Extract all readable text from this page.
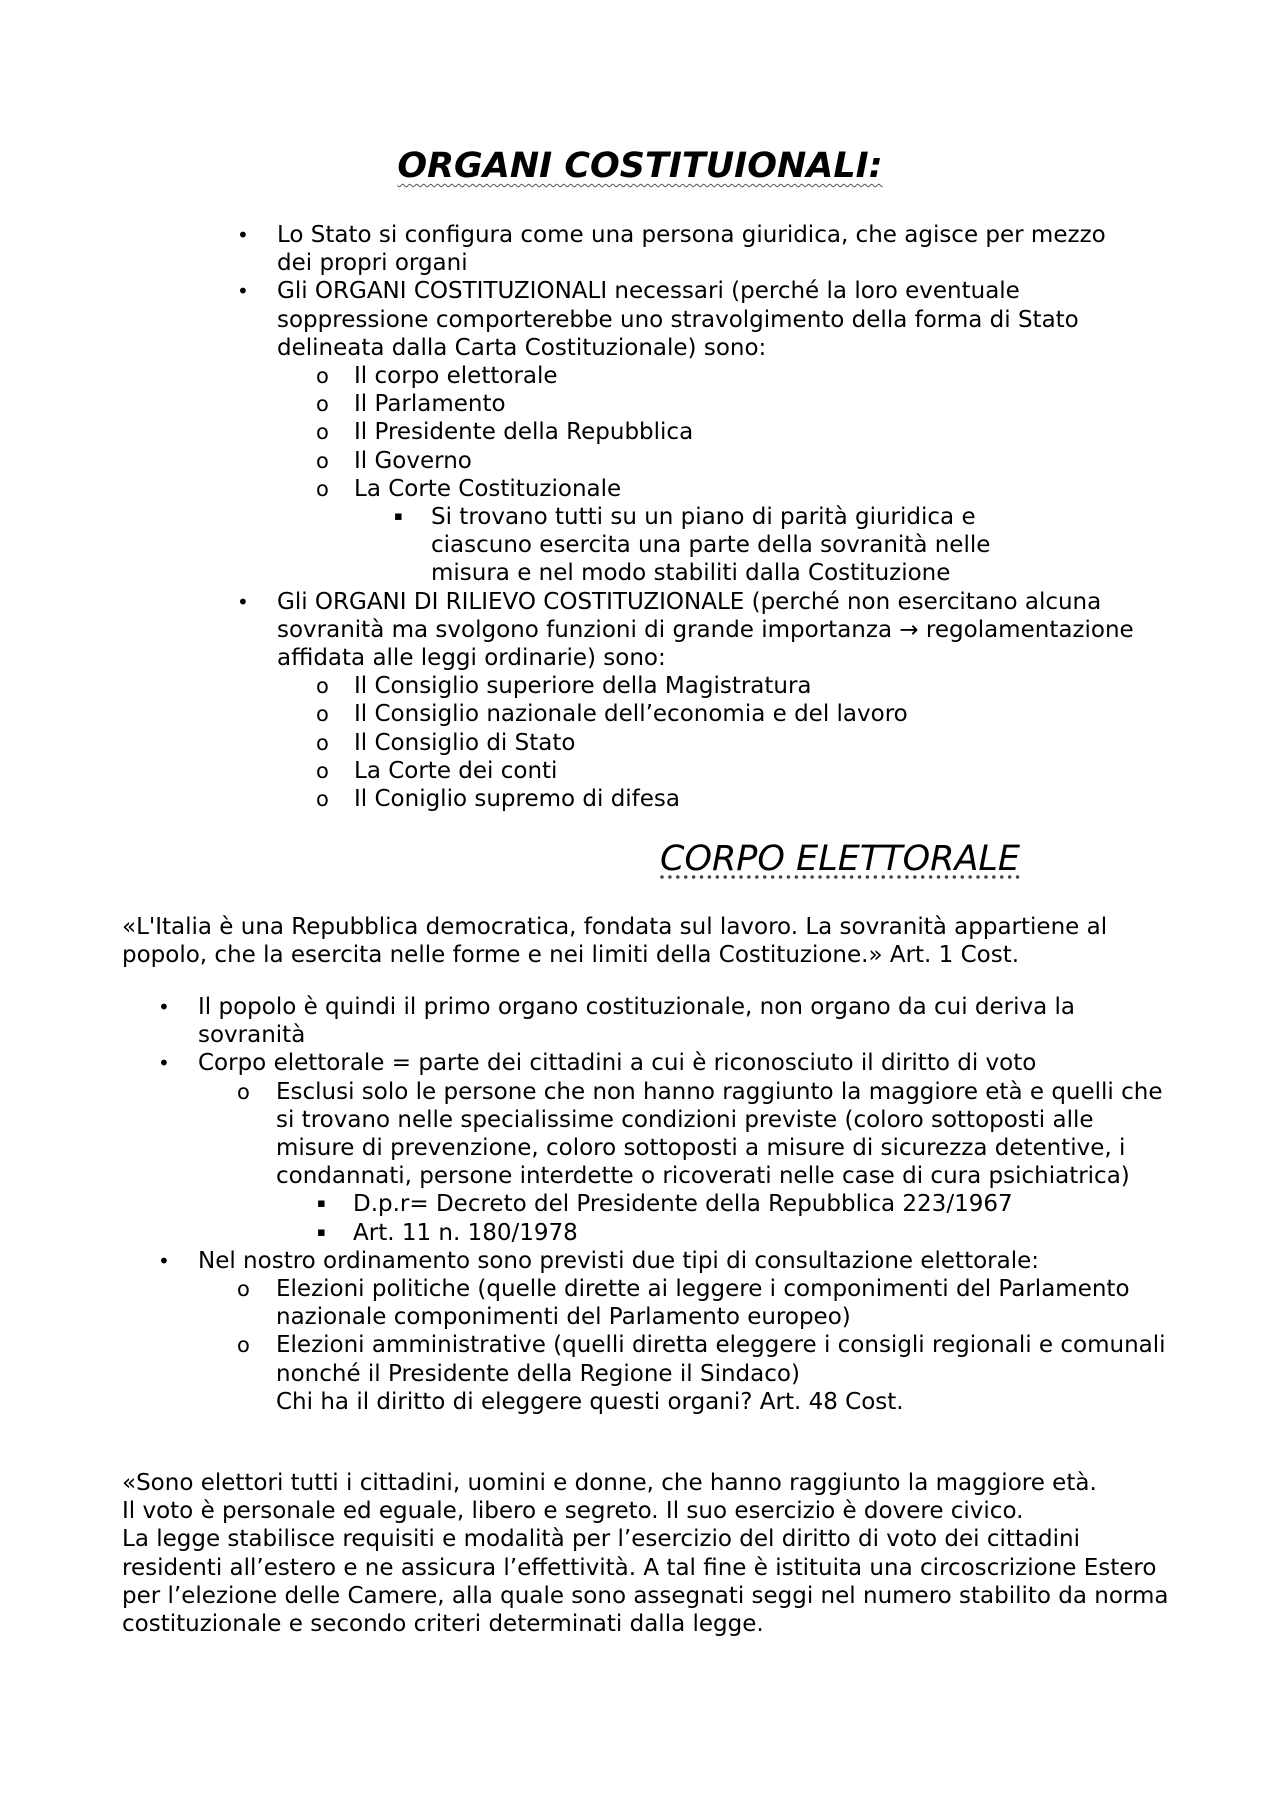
ORGANI COSTITUIONALI:
• Lo Stato si configura come una persona giuridica, che agisce per mezzo dei propri organi
• Gli ORGANI COSTITUZIONALI necessari (perché la loro eventuale soppressione comporterebbe uno stravolgimento della forma di Stato delineata dalla Carta Costituzionale) sono:
o Il corpo elettorale
o Il Parlamento
o Il Presidente della Repubblica
o Il Governo
o La Corte Costituzionale
▪ Si trovano tutti su un piano di parità giuridica e ciascuno esercita una parte della sovranità nelle misura e nel modo stabiliti dalla Costituzione
• Gli ORGANI DI RILIEVO COSTITUZIONALE (perché non esercitano alcuna sovranità ma svolgono funzioni di grande importanza → regolamentazione affidata alle leggi ordinarie) sono:
o Il Consiglio superiore della Magistratura
o Il Consiglio nazionale dell’economia e del lavoro
o Il Consiglio di Stato
o La Corte dei conti
o Il Coniglio supremo di difesa
CORPO ELETTORALE

«L'Italia è una Repubblica democratica, fondata sul lavoro. La sovranità appartiene al popolo, che la esercita nelle forme e nei limiti della Costituzione.» Art. 1 Cost.

• Il popolo è quindi il primo organo costituzionale, non organo da cui deriva la sovranità
• Corpo elettorale = parte dei cittadini a cui è riconosciuto il diritto di voto
o Esclusi solo le persone che non hanno raggiunto la maggiore età e quelli che si trovano nelle specialissime condizioni previste (coloro sottoposti alle misure di prevenzione, coloro sottoposti a misure di sicurezza detentive, i condannati, persone interdette o ricoverati nelle case di cura psichiatrica)
▪ D.p.r= Decreto del Presidente della Repubblica 223/1967
▪ Art. 11 n. 180/1978
• Nel nostro ordinamento sono previsti due tipi di consultazione elettorale:
o Elezioni politiche (quelle dirette ai leggere i componimenti del Parlamento nazionale componimenti del Parlamento europeo)
o Elezioni amministrative (quelli diretta eleggere i consigli regionali e comunali nonché il Presidente della Regione il Sindaco)
Chi ha il diritto di eleggere questi organi? Art. 48 Cost.

«Sono elettori tutti i cittadini, uomini e donne, che hanno raggiunto la maggiore età.

Il voto è personale ed eguale, libero e segreto. Il suo esercizio è dovere civico.

La legge stabilisce requisiti e modalità per l’esercizio del diritto di voto dei cittadini residenti all’estero e ne assicura l’effettività. A tal fine è istituita una circoscrizione Estero per l’elezione delle Camere, alla quale sono assegnati seggi nel numero stabilito da norma costituzionale e secondo criteri determinati dalla legge.
